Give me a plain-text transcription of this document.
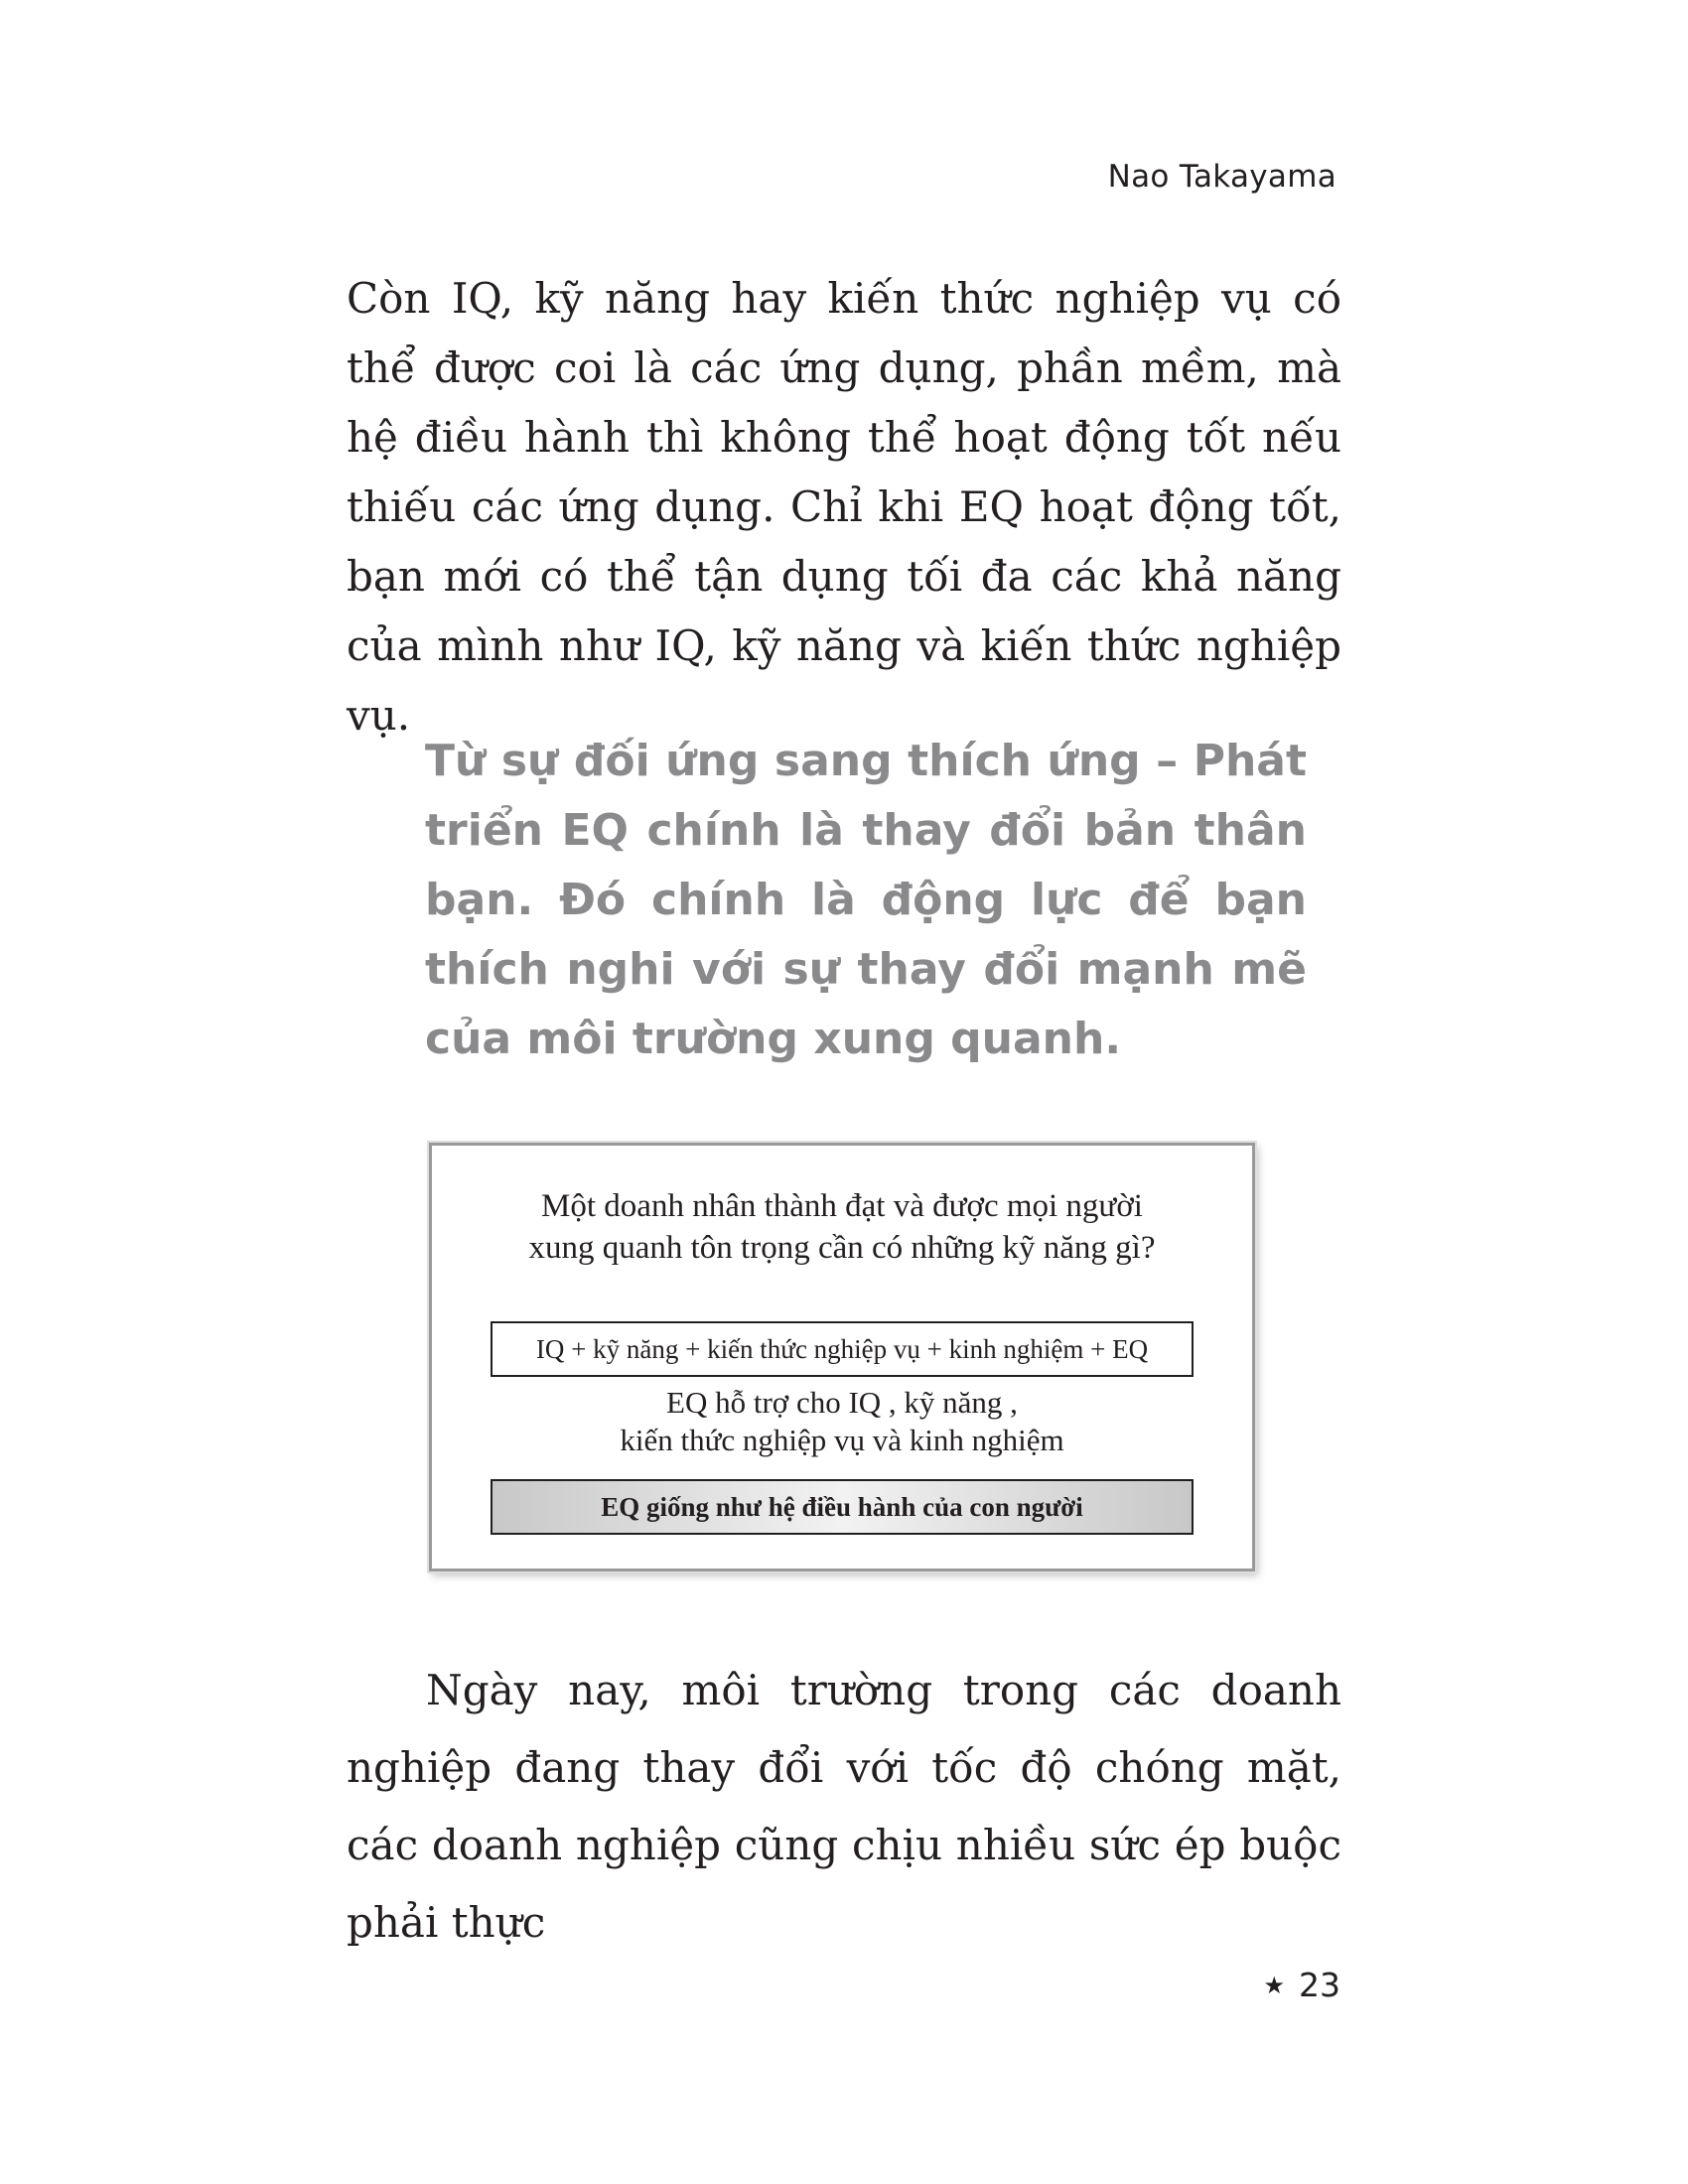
Nao Takayama

Còn IQ, kỹ năng hay kiến thức nghiệp vụ có thể được coi là các ứng dụng, phần mềm, mà hệ điều hành thì không thể hoạt động tốt nếu thiếu các ứng dụng. Chỉ khi EQ hoạt động tốt, bạn mới có thể tận dụng tối đa các khả năng của mình như IQ, kỹ năng và kiến thức nghiệp vụ.

Từ sự đối ứng sang thích ứng – Phát triển EQ chính là thay đổi bản thân bạn. Đó chính là động lực để bạn thích nghi với sự thay đổi mạnh mẽ của môi trường xung quanh.

Một doanh nhân thành đạt và được mọi người
xung quanh tôn trọng cần có những kỹ năng gì?
IQ + kỹ năng + kiến thức nghiệp vụ + kinh nghiệm + EQ
EQ hỗ trợ cho IQ , kỹ năng ,
kiến thức nghiệp vụ và kinh nghiệm
EQ giống như hệ điều hành của con người

Ngày nay, môi trường trong các doanh nghiệp đang thay đổi với tốc độ chóng mặt, các doanh nghiệp cũng chịu nhiều sức ép buộc phải thực

★ 23
